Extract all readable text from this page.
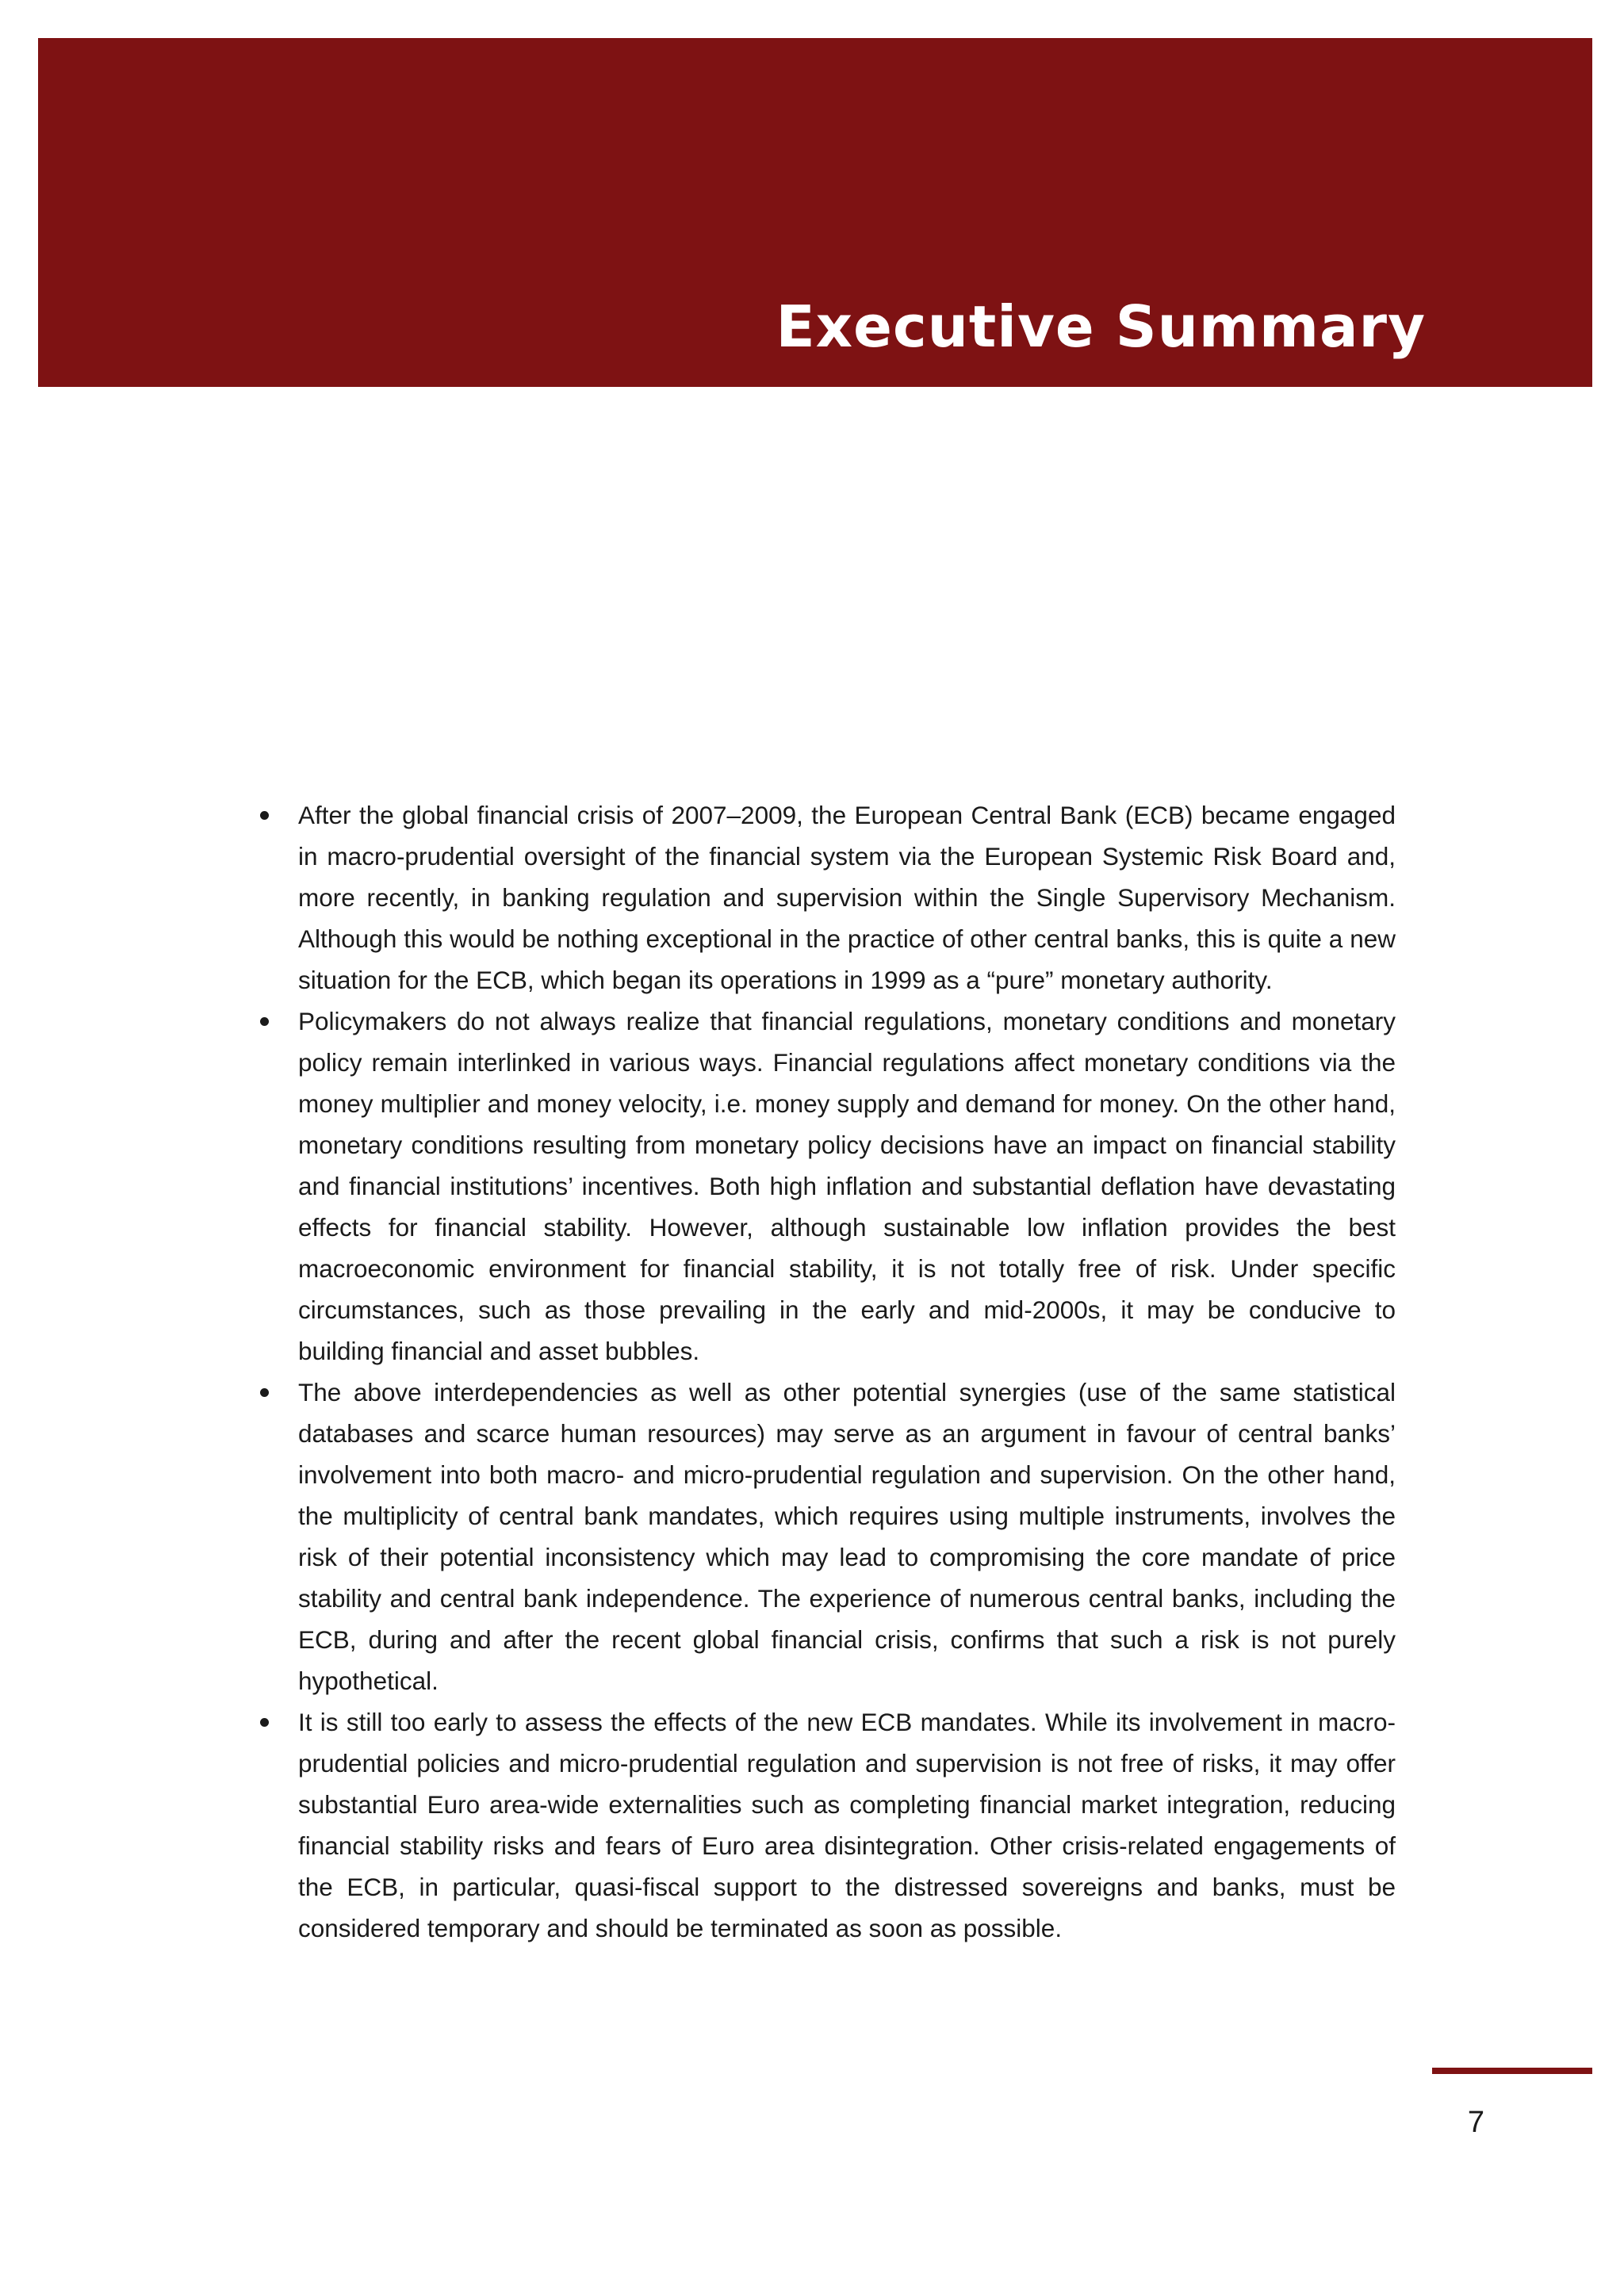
Executive Summary
After the global financial crisis of 2007–2009, the European Central Bank (ECB) became engaged in macro-prudential oversight of the financial system via the European Systemic Risk Board and, more recently, in banking regulation and supervision within the Single Supervisory Mechanism. Although this would be nothing exceptional in the practice of other central banks, this is quite a new situation for the ECB, which began its operations in 1999 as a “pure” monetary authority.
Policymakers do not always realize that financial regulations, monetary conditions and monetary policy remain interlinked in various ways. Financial regulations affect monetary conditions via the money multiplier and money velocity, i.e. money supply and demand for money. On the other hand, monetary conditions resulting from monetary policy decisions have an impact on financial stability and financial institutions’ incentives. Both high inflation and substantial deflation have devastating effects for financial stability. However, although sustainable low inflation provides the best macroeconomic environment for financial stability, it is not totally free of risk. Under specific circumstances, such as those prevailing in the early and mid-2000s, it may be conducive to building financial and asset bubbles.
The above interdependencies as well as other potential synergies (use of the same statistical databases and scarce human resources) may serve as an argument in favour of central banks’ involvement into both macro- and micro-prudential regulation and supervision. On the other hand, the multiplicity of central bank mandates, which requires using multiple instruments, involves the risk of their potential inconsistency which may lead to compromising the core mandate of price stability and central bank independence. The experience of numerous central banks, including the ECB, during and after the recent global financial crisis, confirms that such a risk is not purely hypothetical.
It is still too early to assess the effects of the new ECB mandates. While its involvement in macro-prudential policies and micro-prudential regulation and supervision is not free of risks, it may offer substantial Euro area-wide externalities such as completing financial market integration, reducing financial stability risks and fears of Euro area disintegration. Other crisis-related engagements of the ECB, in particular, quasi-fiscal support to the distressed sovereigns and banks, must be considered temporary and should be terminated as soon as possible.
7
